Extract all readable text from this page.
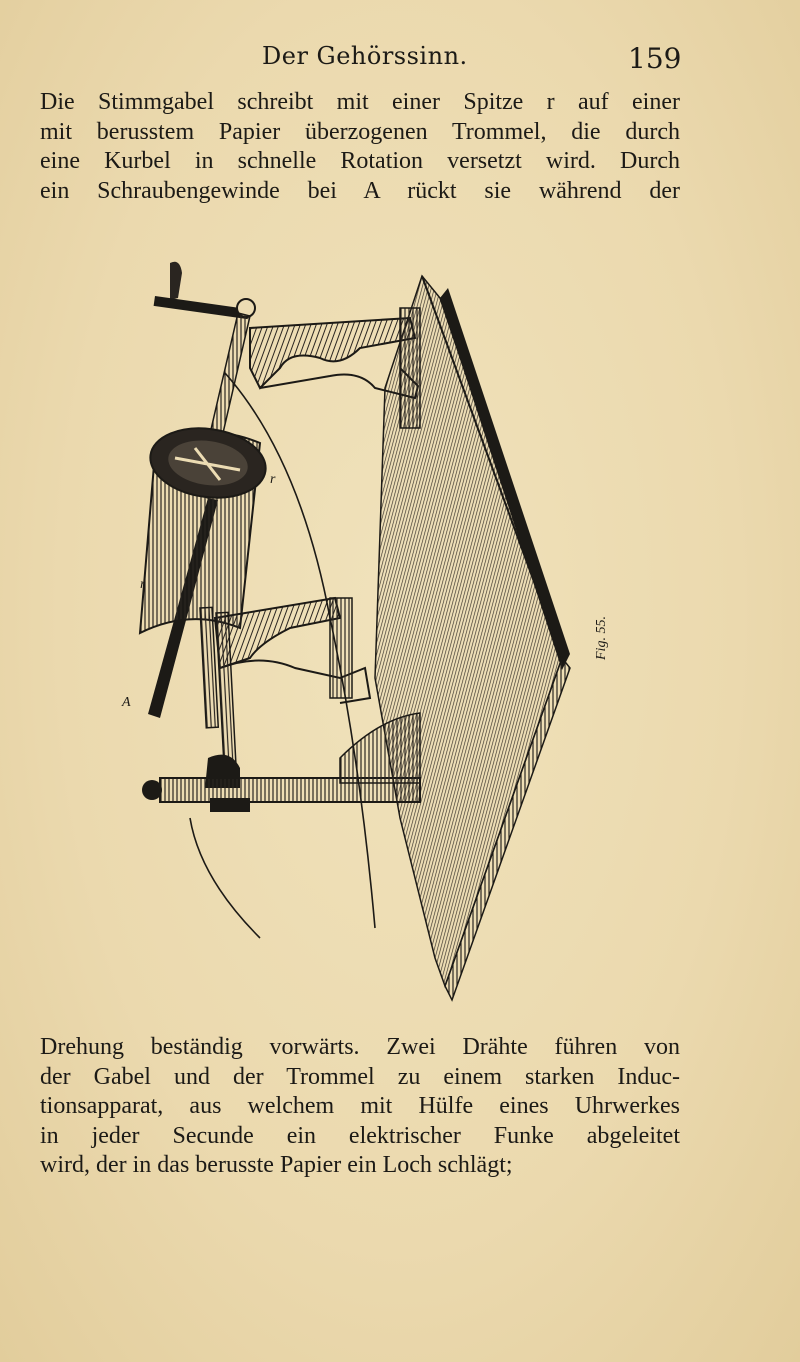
Der Gehörssinn.	159
Die Stimmgabel schreibt mit einer Spitze r auf einer
mit berusstem Papier überzogenen Trommel, die durch
eine Kurbel in schnelle Rotation versetzt wird. Durch
ein Schraubengewinde bei A rückt sie während der
r
r
A
Fig. 55.
Drehung beständig vorwärts. Zwei Drähte führen von
der Gabel und der Trommel zu einem starken Induc-
tionsapparat, aus welchem mit Hülfe eines Uhrwerkes
in jeder Secunde ein elektrischer Funke abgeleitet
wird, der in das berusste Papier ein Loch schlägt;
